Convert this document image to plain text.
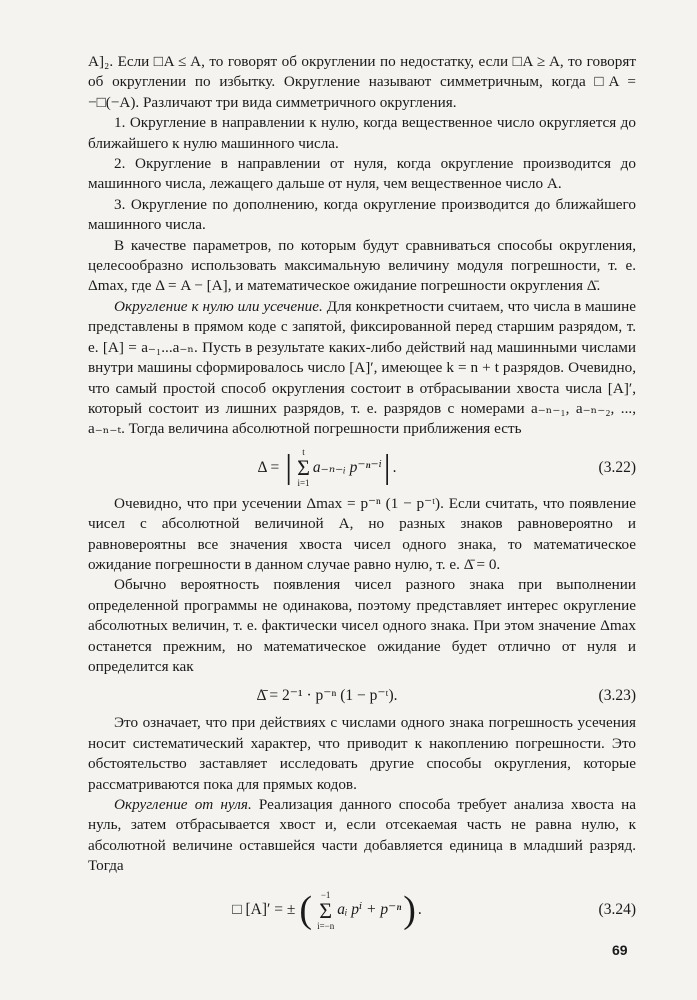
A]₂. Если □A ≤ A, то говорят об округлении по недостатку, если □A ≥ A, то говорят об округлении по избытку. Округление называют симметричным, когда □A = −□(−A). Различают три вида симметричного округления.

1. Округление в направлении к нулю, когда вещественное число округляется до ближайшего к нулю машинного числа.

2. Округление в направлении от нуля, когда округление производится до машинного числа, лежащего дальше от нуля, чем вещественное число A.

3. Округление по дополнению, когда округление производится до ближайшего машинного числа.

В качестве параметров, по которым будут сравниваться способы округления, целесообразно использовать максимальную величину модуля погрешности, т. е. Δmax, где Δ = A − [A], и математическое ожидание погрешности округления Δ̄.

Округление к нулю или усечение. Для конкретности считаем, что числа в машине представлены в прямом коде с запятой, фиксированной перед старшим разрядом, т. е. [A] = a₋₁...a₋ₙ. Пусть в результате каких-либо действий над машинными числами внутри машины сформировалось число [A]′, имеющее k = n + t разрядов. Очевидно, что самый простой способ округления состоит в отбрасывании хвоста числа [A]′, который состоит из лишних разрядов, т. е. разрядов с номерами a₋ₙ₋₁, a₋ₙ₋₂, ..., a₋ₙ₋ₜ. Тогда величина абсолютной погрешности приближения есть

Δ = | t
Σ
i=1
a₋ₙ₋ᵢ p⁻ⁿ⁻ⁱ | .	(3.22)

Очевидно, что при усечении Δmax = p⁻ⁿ (1 − p⁻ᵗ). Если считать, что появление чисел с абсолютной величиной A, но разных знаков равновероятно и равновероятны все значения хвоста чисел одного знака, то математическое ожидание погрешности в данном случае равно нулю, т. е. Δ̄ = 0.

Обычно вероятность появления чисел разного знака при выполнении определенной программы не одинакова, поэтому представляет интерес округление абсолютных величин, т. е. фактически чисел одного знака. При этом значение Δmax останется прежним, но математическое ожидание будет отлично от нуля и определится как

Δ̄ = 2⁻¹ · p⁻ⁿ (1 − p⁻ᵗ).	(3.23)

Это означает, что при действиях с числами одного знака погрешность усечения носит систематический характер, что приводит к накоплению погрешности. Это обстоятельство заставляет исследовать другие способы округления, которые рассматриваются пока для прямых кодов.

Округление от нуля. Реализация данного способа требует анализа хвоста на нуль, затем отбрасывается хвост и, если отсекаемая часть не равна нулю, к абсолютной величине оставшейся части добавляется единица в младший разряд. Тогда

□ [A]′ = ± ( −1
Σ
i=−n
aᵢ pⁱ + p⁻ⁿ ) .	(3.24)
69
